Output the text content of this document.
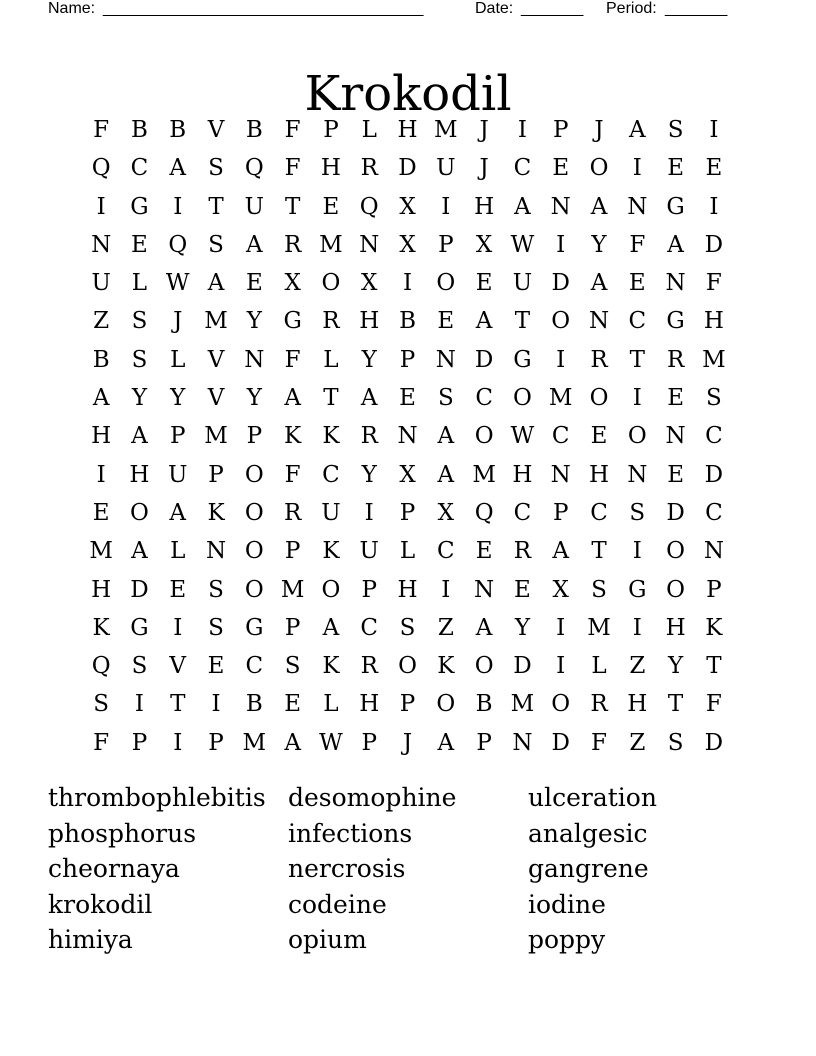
Name: ____________________________________	Date: _______ Period: _______
Krokodil
F B B V B F P L H M J	I	P	J	A S	I
Q C A S Q F H R D U	J	C E O	I	E E
I	G	I	T U T E Q X	I	H A N A N G	I
N E Q S A R M N X P X W I	Y F A D
U L W A E X O X	I	O E U D A E N F
Z S	J M Y G R H B E A T O N C G H
B S L V N F L	Y P N D G	I	R T R M
A Y	Y V Y A T A E S C O M O	I	E S
H A P M P K K R N A O W C E O N C
I	H U P O F C Y X A M H N H N E D
E O A K O R U	I	P X Q C P C S D C
M A L N O P K U L C E R A T	I	O N
H D E S O M O P H	I	N E X S G O P
K G	I	S G P A C S Z A Y	I M I	H K
Q S V E C S K R O K O D	I	L Z Y	T
S	I	T	I	B E L H P O B M O R H T F
F P	I	P M A W P	J	A P N D F Z S D
thrombophlebitis desomophine	ulceration
phosphorus	infections	analgesic
cheornaya	nercrosis	gangrene
krokodil	codeine	iodine
himiya	opium	poppy
